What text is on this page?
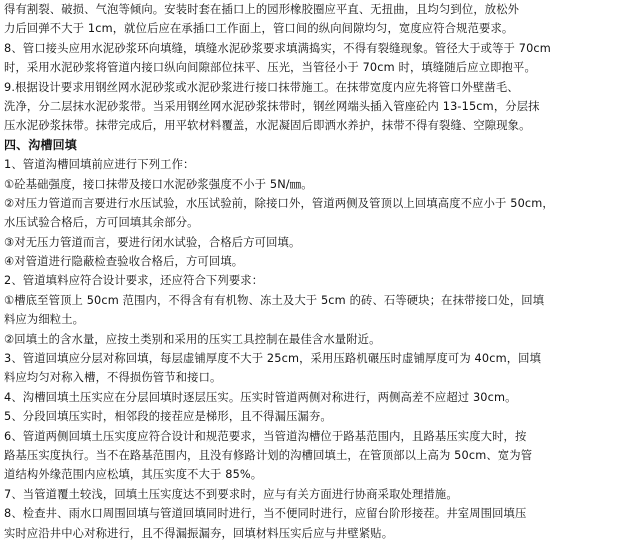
得有割裂、破损、气泡等倾向。安装时套在插口上的园形橡胶圈应平直、无扭曲，且均匀到位，放松外
力后回弹不大于 1cm，就位后应在承插口工作面上，管口间的纵向间隙均匀，宽度应符合规范要求。
8、管口接头应用水泥砂浆环向填缝，填缝水泥砂浆要求填满捣实，不得有裂缝现象。管径大于或等于 70cm
时，采用水泥砂浆将管道内接口纵向间隙部位抹平、压光，当管径小于 70cm 时，填缝随后应立即抱平。
9.根据设计要求用钢丝网水泥砂浆或水泥砂浆进行接口抹带施工。在抹带宽度内应先将管口外壁凿毛、
洗净，分二层抹水泥砂浆带。当采用钢丝网水泥砂浆抹带时，钢丝网端头插入管座砼内 13-15cm，分层抹
压水泥砂浆抹带。抹带完成后，用平软材料覆盖，水泥凝固后即洒水养护，抹带不得有裂缝、空隙现象。
四、沟槽回填
1、管道沟槽回填前应进行下列工作：
①砼基础强度，接口抹带及接口水泥砂浆强度不小于 5N/㎜。
②对压力管道而言要进行水压试验，水压试验前，除接口外，管道两侧及管顶以上回填高度不应小于 50cm，
水压试验合格后，方可回填其余部分。
③对无压力管道而言，要进行闭水试验，合格后方可回填。
④对管道进行隐蔽检查验收合格后，方可回填。
2、管道填料应符合设计要求，还应符合下列要求：
①槽底至管顶上 50cm 范围内，不得含有有机物、冻土及大于 5cm 的砖、石等硬块；在抹带接口处，回填
料应为细粒土。
②回填土的含水量，应按土类别和采用的压实工具控制在最佳含水量附近。
3、管道回填应分层对称回填，每层虚铺厚度不大于 25cm，采用压路机碾压时虚铺厚度可为 40cm，回填
料应均匀对称入槽，不得损伤管节和接口。
4、沟槽回填土压实应在分层回填时逐层压实。压实时管道两侧对称进行，两侧高差不应超过 30cm。
5、分段回填压实时，相邻段的接茬应是梯形，且不得漏压漏夯。
6、管道两侧回填土压实度应符合设计和规范要求，当管道沟槽位于路基范围内，且路基压实度大时，按
路基压实度执行。当不在路基范围内，且没有修路计划的沟槽回填土，在管顶部以上高为 50cm、宽为管
道结构外缘范围内应松填，其压实度不大于 85%。
7、当管道覆土较浅，回填土压实度达不到要求时，应与有关方面进行协商采取处理措施。
8、检查井、雨水口周围回填与管道回填同时进行，当不便同时进行，应留台阶形接茬。井室周围回填压
实时应沿井中心对称进行，且不得漏振漏夯，回填材料压实后应与井壁紧贴。
